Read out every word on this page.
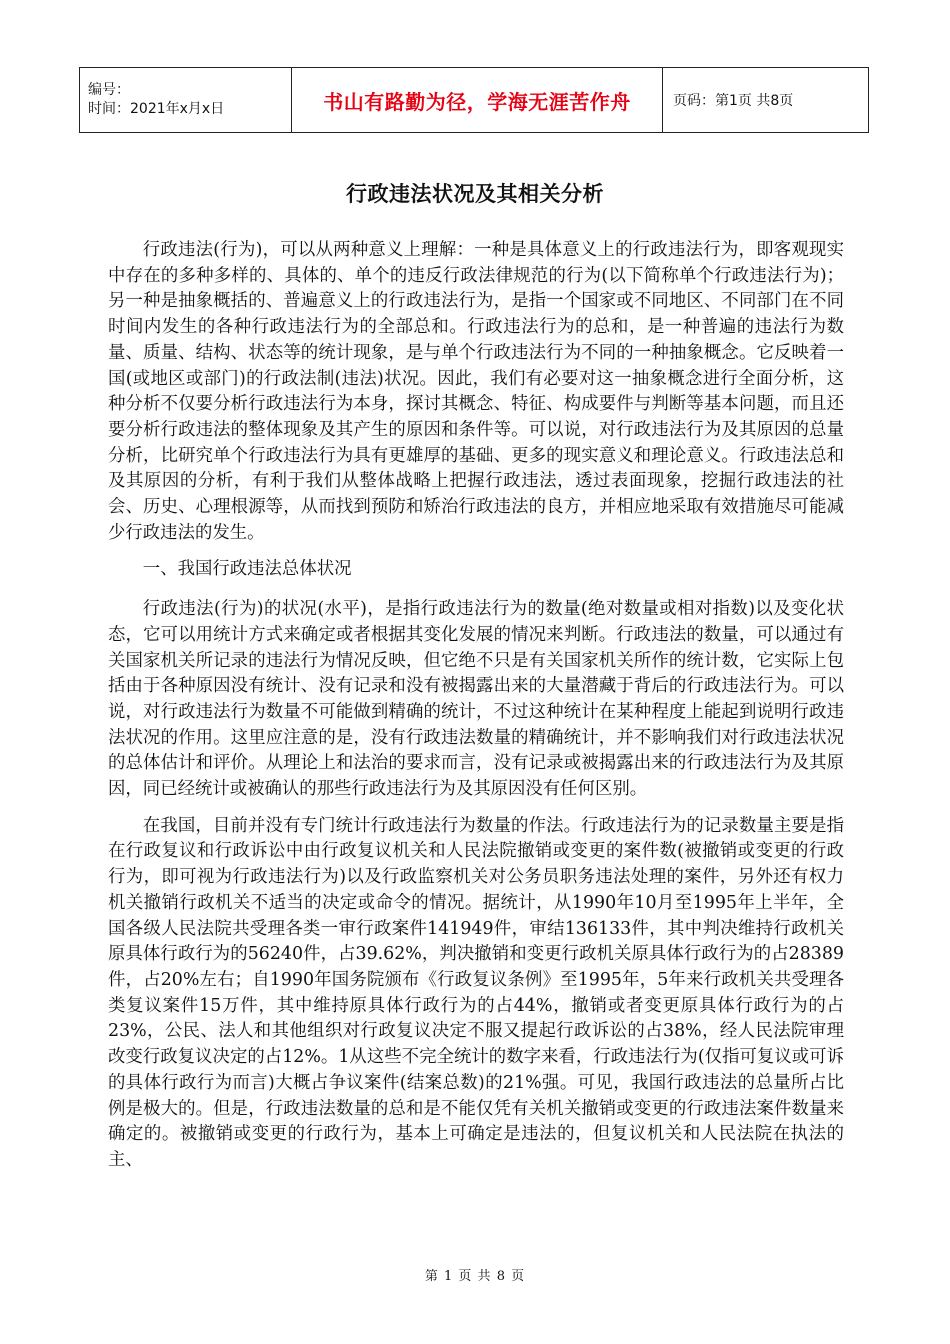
编号：
时间：2021年x月x日	书山有路勤为径，学海无涯苦作舟	页码：第1页 共8页
行政违法状况及其相关分析

行政违法(行为)，可以从两种意义上理解：一种是具体意义上的行政违法行为，即客观现实中存在的多种多样的、具体的、单个的违反行政法律规范的行为(以下简称单个行政违法行为)；另一种是抽象概括的、普遍意义上的行政违法行为，是指一个国家或不同地区、不同部门在不同时间内发生的各种行政违法行为的全部总和。行政违法行为的总和，是一种普遍的违法行为数量、质量、结构、状态等的统计现象，是与单个行政违法行为不同的一种抽象概念。它反映着一国(或地区或部门)的行政法制(违法)状况。因此，我们有必要对这一抽象概念进行全面分析，这种分析不仅要分析行政违法行为本身，探讨其概念、特征、构成要件与判断等基本问题，而且还要分析行政违法的整体现象及其产生的原因和条件等。可以说，对行政违法行为及其原因的总量分析，比研究单个行政违法行为具有更雄厚的基础、更多的现实意义和理论意义。行政违法总和及其原因的分析，有利于我们从整体战略上把握行政违法，透过表面现象，挖掘行政违法的社会、历史、心理根源等，从而找到预防和矫治行政违法的良方，并相应地采取有效措施尽可能减少行政违法的发生。

一、我国行政违法总体状况

行政违法(行为)的状况(水平)，是指行政违法行为的数量(绝对数量或相对指数)以及变化状态，它可以用统计方式来确定或者根据其变化发展的情况来判断。行政违法的数量，可以通过有关国家机关所记录的违法行为情况反映，但它绝不只是有关国家机关所作的统计数，它实际上包括由于各种原因没有统计、没有记录和没有被揭露出来的大量潜藏于背后的行政违法行为。可以说，对行政违法行为数量不可能做到精确的统计，不过这种统计在某种程度上能起到说明行政违法状况的作用。这里应注意的是，没有行政违法数量的精确统计，并不影响我们对行政违法状况的总体估计和评价。从理论上和法治的要求而言，没有记录或被揭露出来的行政违法行为及其原因，同已经统计或被确认的那些行政违法行为及其原因没有任何区别。

在我国，目前并没有专门统计行政违法行为数量的作法。行政违法行为的记录数量主要是指在行政复议和行政诉讼中由行政复议机关和人民法院撤销或变更的案件数(被撤销或变更的行政行为，即可视为行政违法行为)以及行政监察机关对公务员职务违法处理的案件，另外还有权力机关撤销行政机关不适当的决定或命令的情况。据统计，从1990年10月至1995年上半年，全国各级人民法院共受理各类一审行政案件141949件，审结136133件，其中判决维持行政机关原具体行政行为的56240件，占39.62%，判决撤销和变更行政机关原具体行政行为的占28389件，占20%左右；自1990年国务院颁布《行政复议条例》至1995年，5年来行政机关共受理各类复议案件15万件，其中维持原具体行政行为的占44%，撤销或者变更原具体行政行为的占23%，公民、法人和其他组织对行政复议决定不服又提起行政诉讼的占38%，经人民法院审理改变行政复议决定的占12%。1从这些不完全统计的数字来看，行政违法行为(仅指可复议或可诉的具体行政行为而言)大概占争议案件(结案总数)的21%强。可见，我国行政违法的总量所占比例是极大的。但是，行政违法数量的总和是不能仅凭有关机关撤销或变更的行政违法案件数量来确定的。被撤销或变更的行政行为，基本上可确定是违法的，但复议机关和人民法院在执法的主、

第 1 页 共 8 页
